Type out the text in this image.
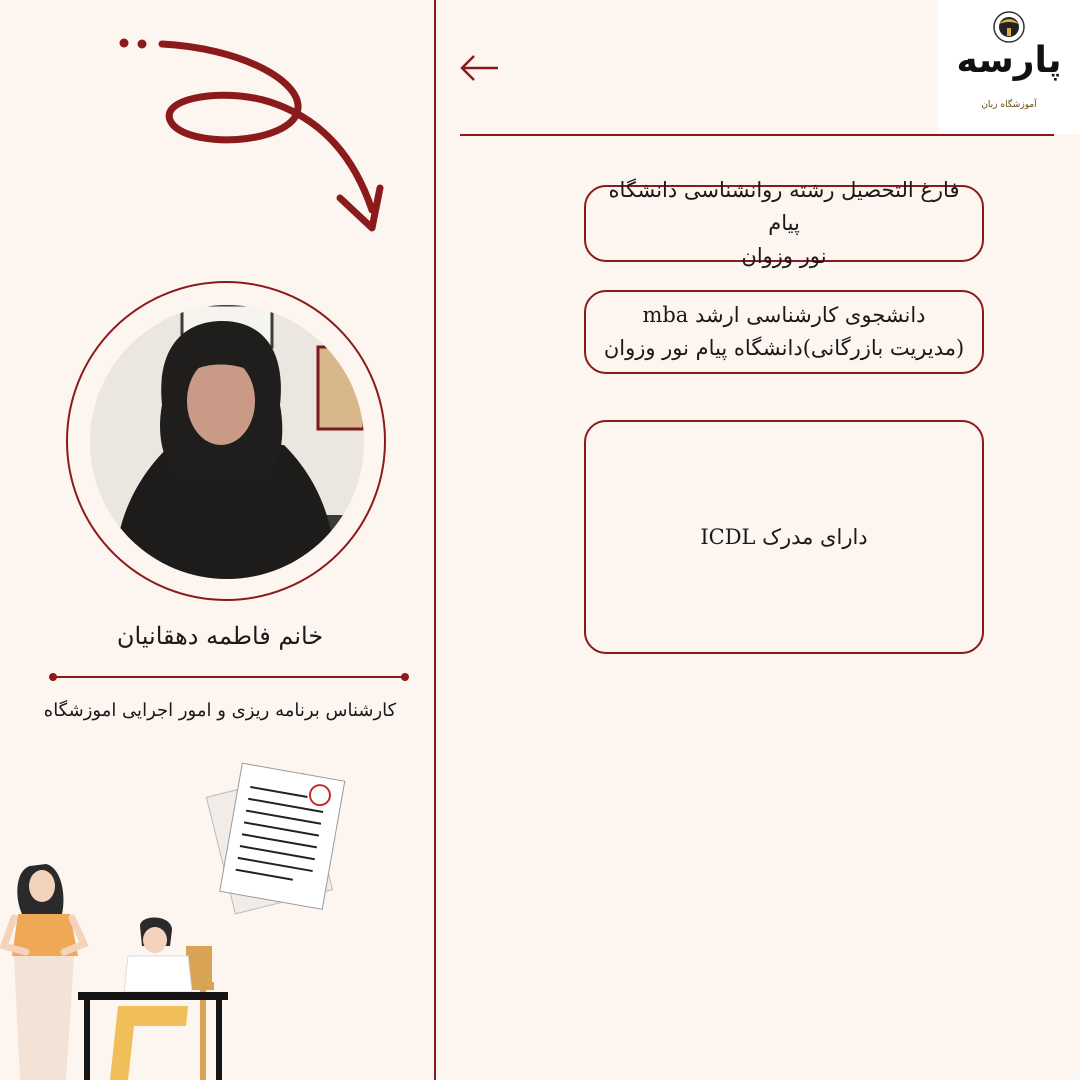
پارسه
آموزشگاه زبان
خانم فاطمه دهقانیان
کارشناس برنامه ریزی و امور اجرایی اموزشگاه
فارغ التحصیل رشته روانشناسی دانشگاه پیام
نور وزوان
دانشجوی کارشناسی ارشد mba
(مدیریت بازرگانی)دانشگاه پیام نور وزوان
دارای مدرک ICDL
